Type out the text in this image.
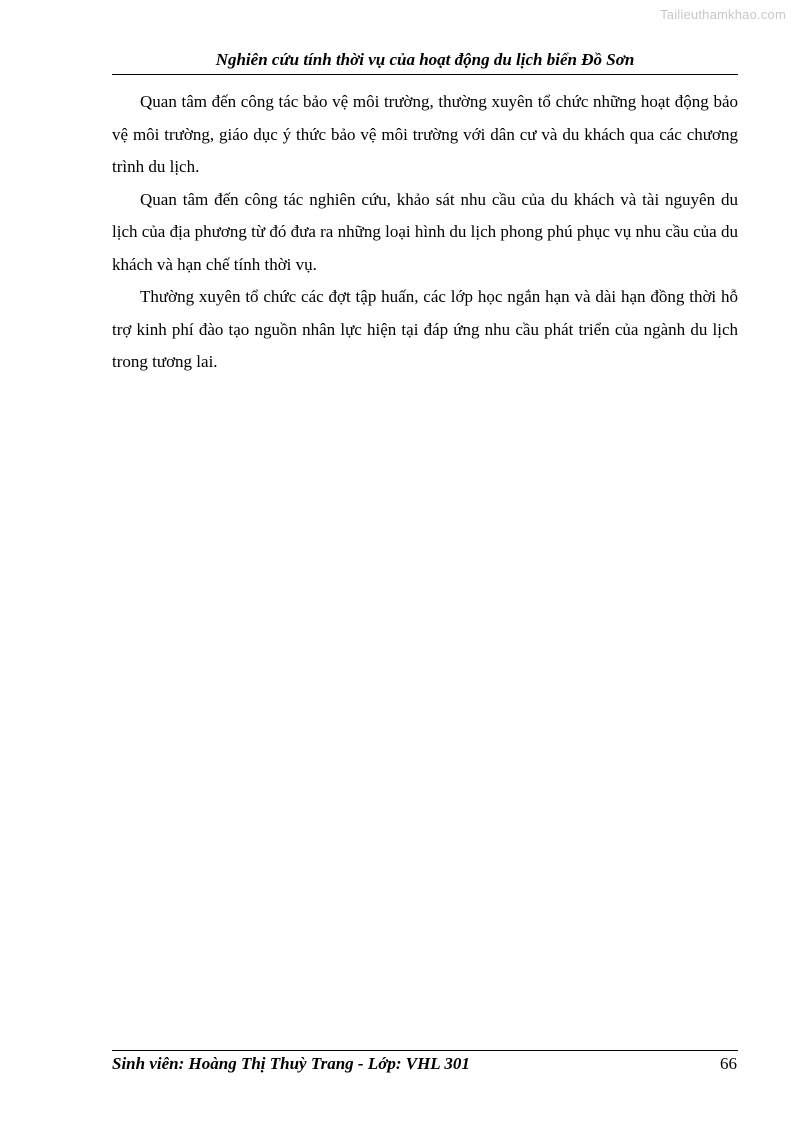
Tailieuthamkhao.com
Nghiên cứu tính thời vụ của hoạt động du lịch biển Đồ Sơn

Quan tâm đến công tác bảo vệ môi trường, thường xuyên tổ chức những hoạt động bảo vệ môi trường, giáo dục ý thức bảo vệ môi trường với dân cư và du khách qua các chương trình du lịch.

Quan tâm đến công tác nghiên cứu, khảo sát nhu cầu của du khách và tài nguyên du lịch của địa phương từ đó đưa ra những loại hình du lịch phong phú phục vụ nhu cầu của du khách và hạn chế tính thời vụ.

Thường xuyên tổ chức các đợt tập huấn, các lớp học ngắn hạn và dài hạn đồng thời hỗ trợ kinh phí đào tạo nguồn nhân lực hiện tại đáp ứng nhu cầu phát triển của ngành du lịch trong tương lai.

Sinh viên: Hoàng Thị Thuỳ Trang - Lớp: VHL 301	66
